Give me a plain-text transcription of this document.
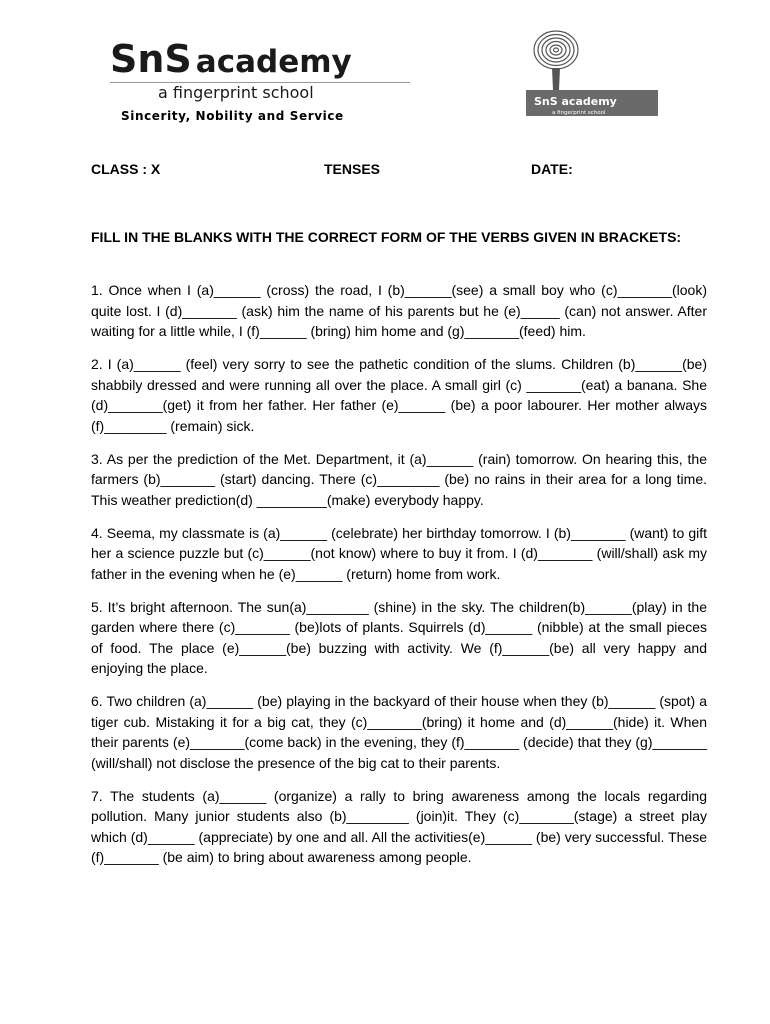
SnS academy
a fingerprint school
Sincerity, Nobility and Service
SnS academy
a fingerprint school
CLASS : X	TENSES	DATE:
FILL IN THE BLANKS WITH THE CORRECT FORM OF THE VERBS GIVEN IN BRACKETS:

1. Once when I (a)______ (cross) the road, I (b)______(see) a small boy who (c)_______(look) quite lost. I (d)_______ (ask) him the name of his parents but he (e)_____ (can) not answer. After waiting for a little while, I (f)______ (bring) him home and (g)_______(feed) him.

2. I (a)______ (feel) very sorry to see the pathetic condition of the slums. Children (b)______(be) shabbily dressed and were running all over the place. A small girl (c) _______(eat) a banana. She (d)_______(get) it from her father. Her father (e)______ (be) a poor labourer. Her mother always (f)________ (remain) sick.

3. As per the prediction of the Met. Department, it (a)______ (rain) tomorrow. On hearing this, the farmers (b)_______ (start) dancing. There (c)________ (be) no rains in their area for a long time. This weather prediction(d) _________(make) everybody happy.

4. Seema, my classmate is (a)______ (celebrate) her birthday tomorrow. I (b)_______ (want) to gift her a science puzzle but (c)______(not know) where to buy it from. I (d)_______ (will/shall) ask my father in the evening when he (e)______ (return) home from work.

5. It’s bright afternoon. The sun(a)________ (shine) in the sky. The children(b)______(play) in the garden where there (c)_______ (be)lots of plants. Squirrels (d)______ (nibble) at the small pieces of food. The place (e)______(be) buzzing with activity. We (f)______(be) all very happy and enjoying the place.

6. Two children (a)______ (be) playing in the backyard of their house when they (b)______ (spot) a tiger cub. Mistaking it for a big cat, they (c)_______(bring) it home and (d)______(hide) it. When their parents (e)_______(come back) in the evening, they (f)_______ (decide) that they (g)_______ (will/shall) not disclose the presence of the big cat to their parents.

7. The students (a)______ (organize) a rally to bring awareness among the locals regarding pollution. Many junior students also (b)________ (join)it. They (c)_______(stage) a street play which (d)______ (appreciate) by one and all. All the activities(e)______ (be) very successful. These (f)_______ (be aim) to bring about awareness among people.
